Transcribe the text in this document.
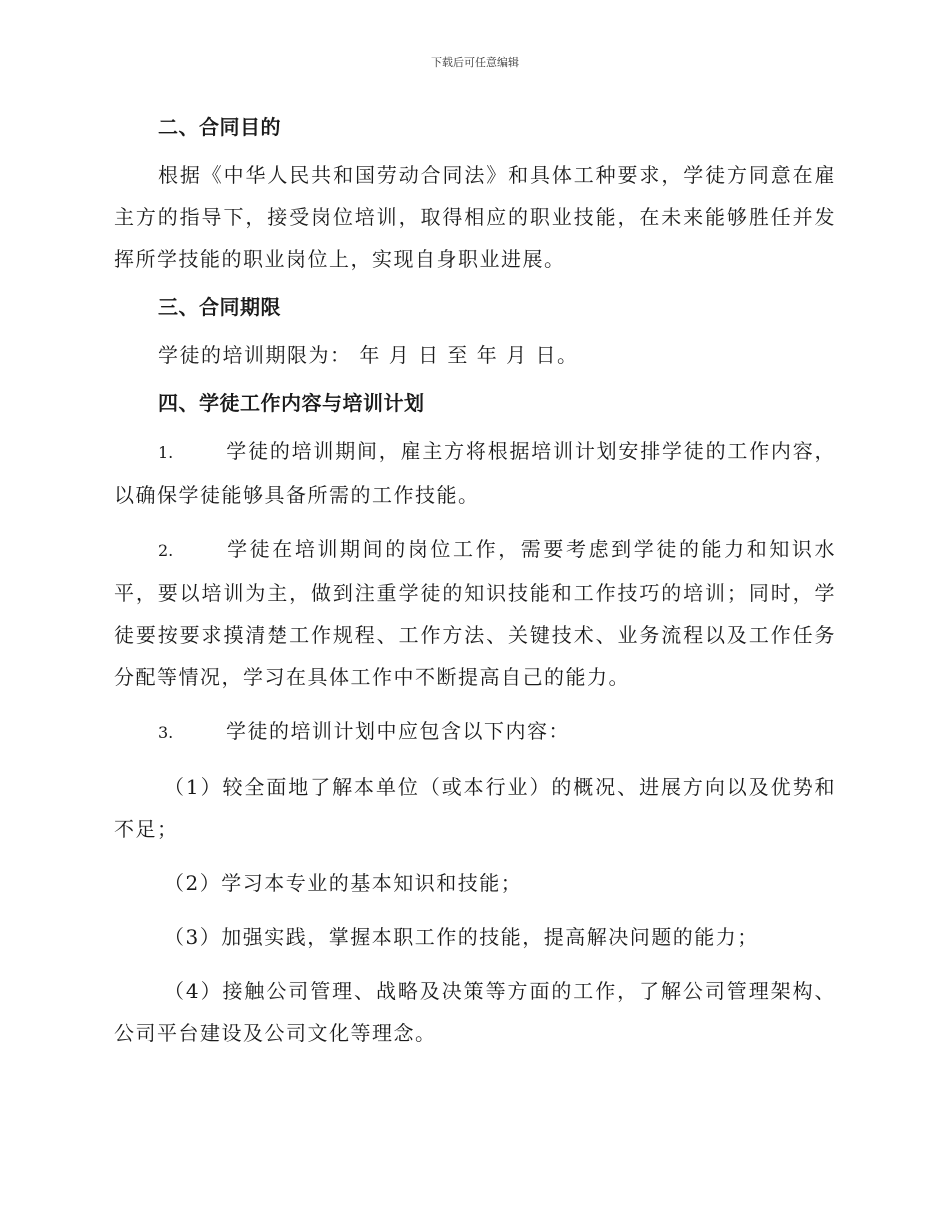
下载后可任意编辑
二、合同目的
根据《中华人民共和国劳动合同法》和具体工种要求，学徒方同意在雇主方的指导下，接受岗位培训，取得相应的职业技能，在未来能够胜任并发挥所学技能的职业岗位上，实现自身职业进展。
三、合同期限
学徒的培训期限为： 年 月 日 至 年 月 日。
四、学徒工作内容与培训计划
1.	学徒的培训期间，雇主方将根据培训计划安排学徒的工作内容，以确保学徒能够具备所需的工作技能。
2.	学徒在培训期间的岗位工作，需要考虑到学徒的能力和知识水平，要以培训为主，做到注重学徒的知识技能和工作技巧的培训；同时，学徒要按要求摸清楚工作规程、工作方法、关键技术、业务流程以及工作任务分配等情况，学习在具体工作中不断提高自己的能力。
3.	学徒的培训计划中应包含以下内容：
（1）较全面地了解本单位（或本行业）的概况、进展方向以及优势和不足；
（2）学习本专业的基本知识和技能；
（3）加强实践，掌握本职工作的技能，提高解决问题的能力；
（4）接触公司管理、战略及决策等方面的工作，了解公司管理架构、公司平台建设及公司文化等理念。
